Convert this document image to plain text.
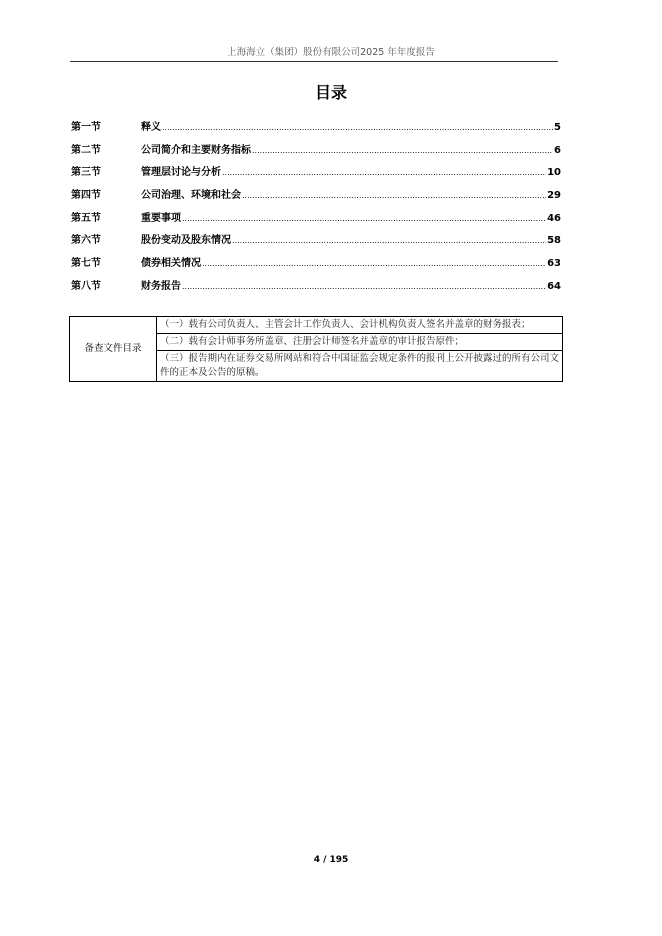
上海海立（集团）股份有限公司2025 年年度报告
目录
第一节	释义 .....	5
第二节	公司简介和主要财务指标 .....	6
第三节	管理层讨论与分析 .....	10
第四节	公司治理、环境和社会 .....	29
第五节	重要事项 .....	46
第六节	股份变动及股东情况 .....	58
第七节	债券相关情况 .....	63
第八节	财务报告 .....	64
备查文件目录	（一）载有公司负责人、主管会计工作负责人、会计机构负责人签名并盖章的财务报表；
（二）载有会计师事务所盖章、注册会计师签名并盖章的审计报告原件；
（三）报告期内在证券交易所网站和符合中国证监会规定条件的报刊上公开披露过的所有公司文件的正本及公告的原稿。
4 / 195
